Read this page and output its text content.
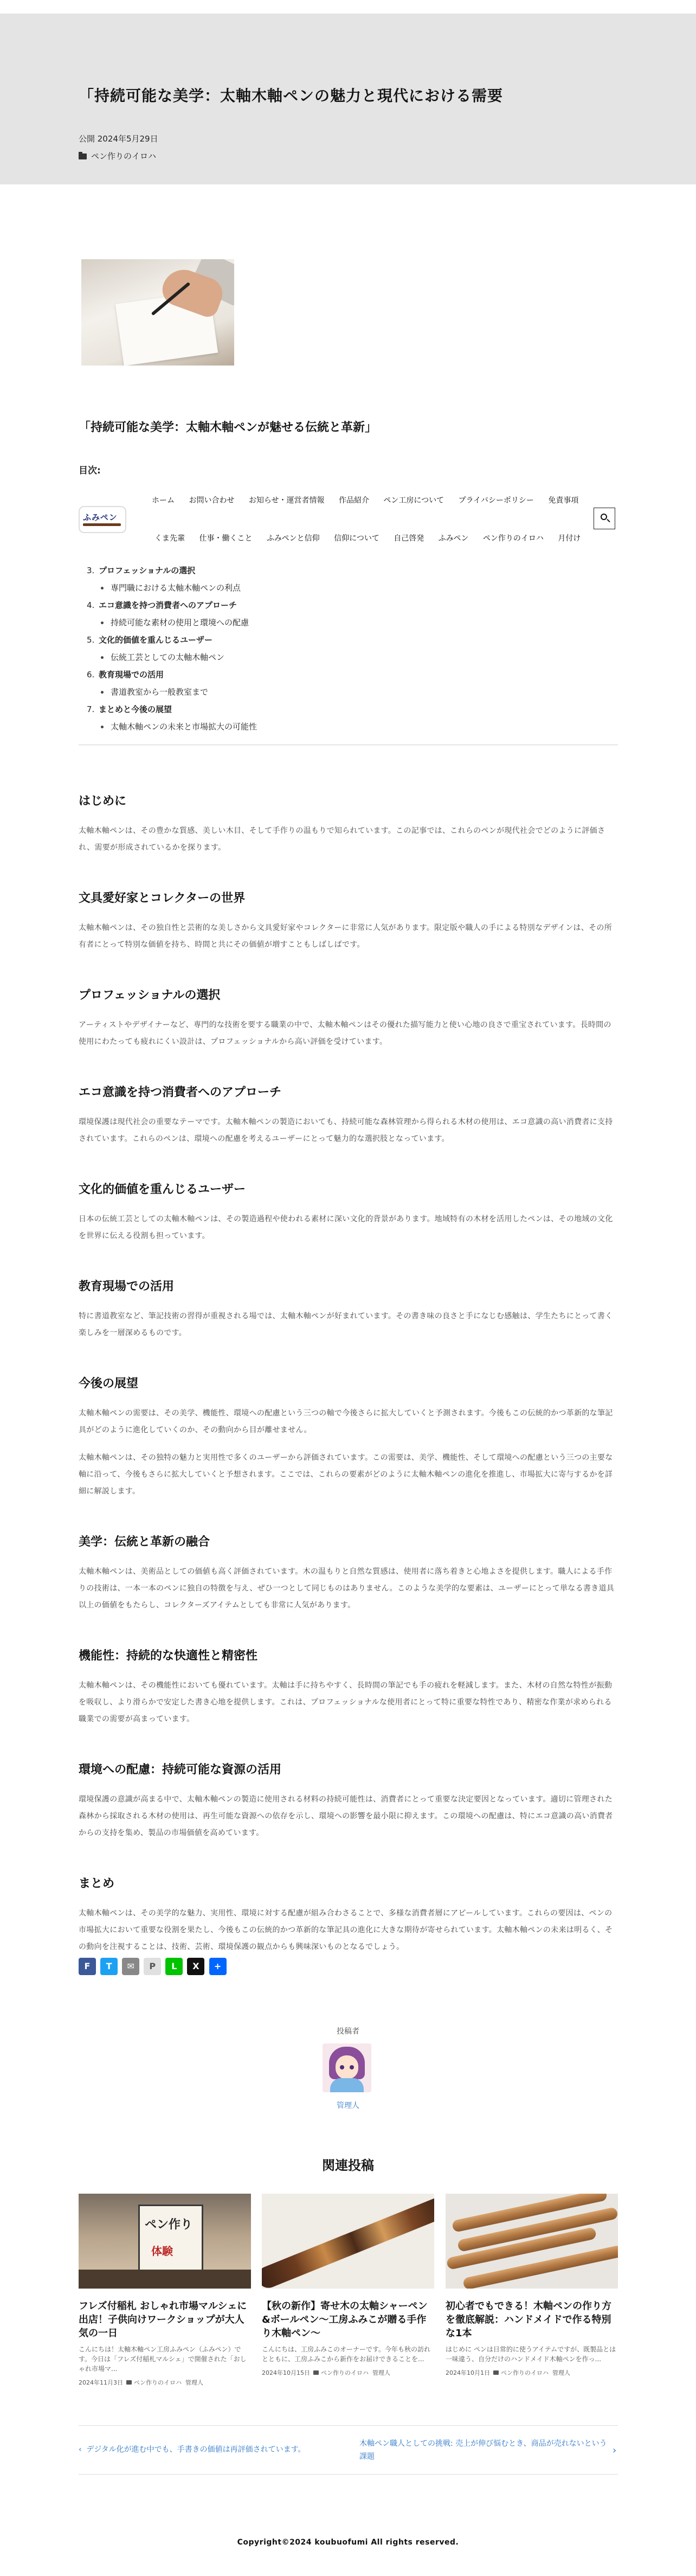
「持続可能な美学：太軸木軸ペンの魅力と現代における需要
公開 2024年5月29日
ペン作りのイロハ
「持続可能な美学：太軸木軸ペンが魅せる伝統と革新」
目次:
ふみペン
ホーム お問い合わせ お知らせ・運営者情報 作品紹介 ペン工房について プライバシーポリシー 免責事項
くま先輩 仕事・働くこと ふみペンと信仰 信仰について 自己啓発 ふみペン ペン作りのイロハ 月付け
3. プロフェッショナルの選択
専門職における太軸木軸ペンの利点
4. エコ意識を持つ消費者へのアプローチ
持続可能な素材の使用と環境への配慮
5. 文化的価値を重んじるユーザー
伝統工芸としての太軸木軸ペン
6. 教育現場での活用
書道教室から一般教室まで
7. まとめと今後の展望
太軸木軸ペンの未来と市場拡大の可能性
はじめに

太軸木軸ペンは、その豊かな質感、美しい木目、そして手作りの温もりで知られています。この記事では、これらのペンが現代社会でどのように評価され、需要が形成されているかを探ります。

文具愛好家とコレクターの世界

太軸木軸ペンは、その独自性と芸術的な美しさから文具愛好家やコレクターに非常に人気があります。限定版や職人の手による特別なデザインは、その所有者にとって特別な価値を持ち、時間と共にその価値が増すこともしばしばです。

プロフェッショナルの選択

アーティストやデザイナーなど、専門的な技術を要する職業の中で、太軸木軸ペンはその優れた描写能力と使い心地の良さで重宝されています。長時間の使用にわたっても疲れにくい設計は、プロフェッショナルから高い評価を受けています。

エコ意識を持つ消費者へのアプローチ

環境保護は現代社会の重要なテーマです。太軸木軸ペンの製造においても、持続可能な森林管理から得られる木材の使用は、エコ意識の高い消費者に支持されています。これらのペンは、環境への配慮を考えるユーザーにとって魅力的な選択肢となっています。

文化的価値を重んじるユーザー

日本の伝統工芸としての太軸木軸ペンは、その製造過程や使われる素材に深い文化的背景があります。地域特有の木材を活用したペンは、その地域の文化を世界に伝える役割も担っています。

教育現場での活用

特に書道教室など、筆記技術の習得が重視される場では、太軸木軸ペンが好まれています。その書き味の良さと手になじむ感触は、学生たちにとって書く楽しみを一層深めるものです。

今後の展望

太軸木軸ペンの需要は、その美学、機能性、環境への配慮という三つの軸で今後さらに拡大していくと予測されます。今後もこの伝統的かつ革新的な筆記具がどのように進化していくのか、その動向から目が離せません。

太軸木軸ペンは、その独特の魅力と実用性で多くのユーザーから評価されています。この需要は、美学、機能性、そして環境への配慮という三つの主要な軸に沿って、今後もさらに拡大していくと予想されます。ここでは、これらの要素がどのように太軸木軸ペンの進化を推進し、市場拡大に寄与するかを詳細に解説します。

美学：伝統と革新の融合

太軸木軸ペンは、美術品としての価値も高く評価されています。木の温もりと自然な質感は、使用者に落ち着きと心地よさを提供します。職人による手作りの技術は、一本一本のペンに独自の特徴を与え、ぜひ一つとして同じものはありません。このような美学的な要素は、ユーザーにとって単なる書き道具以上の価値をもたらし、コレクターズアイテムとしても非常に人気があります。

機能性：持続的な快適性と精密性

太軸木軸ペンは、その機能性においても優れています。太軸は手に持ちやすく、長時間の筆記でも手の疲れを軽減します。また、木材の自然な特性が振動を吸収し、より滑らかで安定した書き心地を提供します。これは、プロフェッショナルな使用者にとって特に重要な特性であり、精密な作業が求められる職業での需要が高まっています。

環境への配慮：持続可能な資源の活用

環境保護の意識が高まる中で、太軸木軸ペンの製造に使用される材料の持続可能性は、消費者にとって重要な決定要因となっています。適切に管理された森林から採取される木材の使用は、再生可能な資源への依存を示し、環境への影響を最小限に抑えます。この環境への配慮は、特にエコ意識の高い消費者からの支持を集め、製品の市場価値を高めています。

まとめ

太軸木軸ペンは、その美学的な魅力、実用性、環境に対する配慮が組み合わさることで、多様な消費者層にアピールしています。これらの要因は、ペンの市場拡大において重要な役割を果たし、今後もこの伝統的かつ革新的な筆記具の進化に大きな期待が寄せられています。太軸木軸ペンの未来は明るく、その動向を注視することは、技術、芸術、環境保護の観点からも興味深いものとなるでしょう。

F T ✉ P L X +
投稿者
管理人
関連投稿
ペン作り
体験
フレズ付稲札 おしゃれ市場マルシェに出店！子供向けワークショップが大人気の一日
こんにちは！太軸木軸ペン工房ふみペン（ふみペン）です。今日は「フレズ付稲札マルシェ」で開催された「おしゃれ市場マ...
2024年11月3日 ペン作りのイロハ 管理人
【秋の新作】寄せ木の太軸シャーペン&ボールペン～工房ふみこが贈る手作り木軸ペン～
こんにちは、工房ふみこのオーナーです。今年も秋の訪れとともに、工房ふみこから新作をお届けできることを...
2024年10月15日 ペン作りのイロハ 管理人
初心者でもできる！木軸ペンの作り方を徹底解説：ハンドメイドで作る特別な1本
はじめに ペンは日常的に使うアイテムですが、既製品とは一味違う、自分だけのハンドメイド木軸ペンを作っ...
2024年10月1日 ペン作りのイロハ 管理人
‹  デジタル化が進む中でも、手書きの価値は再評価されています。
木軸ペン職人としての挑戦: 売上が伸び悩むとき、商品が売れないという課題
›
Copyright©2024 koubuofumi All rights reserved.
